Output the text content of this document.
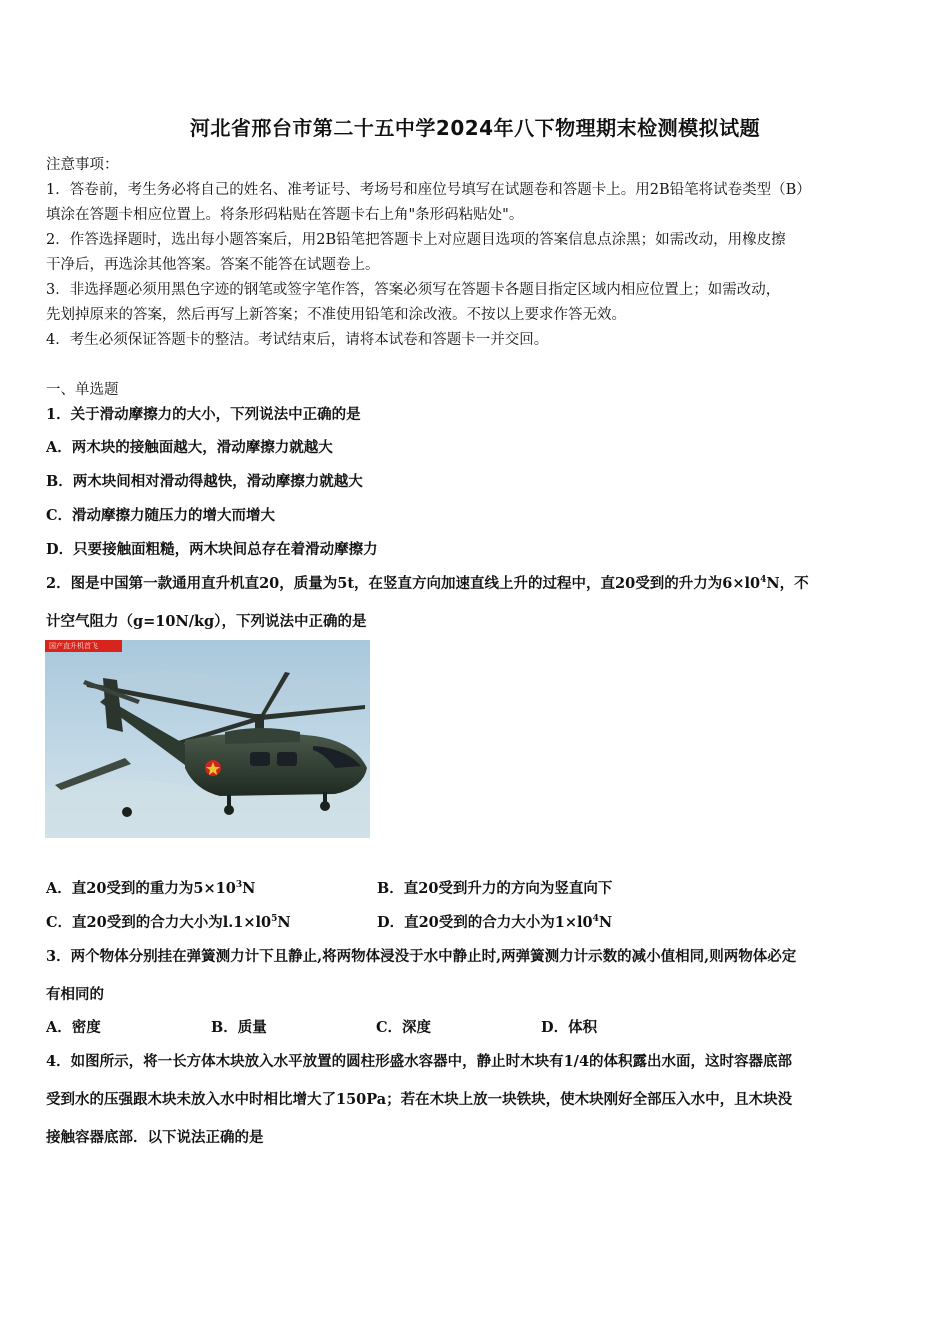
河北省邢台市第二十五中学2024年八下物理期末检测模拟试题
注意事项：
1．答卷前，考生务必将自己的姓名、准考证号、考场号和座位号填写在试题卷和答题卡上。用2B铅笔将试卷类型（B）
填涂在答题卡相应位置上。将条形码粘贴在答题卡右上角"条形码粘贴处"。
2．作答选择题时，选出每小题答案后，用2B铅笔把答题卡上对应题目选项的答案信息点涂黑；如需改动，用橡皮擦
干净后，再选涂其他答案。答案不能答在试题卷上。
3．非选择题必须用黑色字迹的钢笔或签字笔作答，答案必须写在答题卡各题目指定区域内相应位置上；如需改动，
先划掉原来的答案，然后再写上新答案；不准使用铅笔和涂改液。不按以上要求作答无效。
4．考生必须保证答题卡的整洁。考试结束后，请将本试卷和答题卡一并交回。
一、单选题
1．关于滑动摩擦力的大小，下列说法中正确的是
A．两木块的接触面越大，滑动摩擦力就越大
B．两木块间相对滑动得越快，滑动摩擦力就越大
C．滑动摩擦力随压力的增大而增大
D．只要接触面粗糙，两木块间总存在着滑动摩擦力
2．图是中国第一款通用直升机直20，质量为5t，在竖直方向加速直线上升的过程中，直20受到的升力为$6\times l0^4N$，不
计空气阻力（g=10N/kg），下列说法中正确的是
国产直升机首飞
A．直20受到的重力为$5\times 10^3N$	B．直20受到升力的方向为竖直向下
C．直20受到的合力大小为$l.1\times l0^5N$	D．直20受到的合力大小为$1\times l0^4N$
3．两个物体分别挂在弹簧测力计下且静止,将两物体浸没于水中静止时,两弹簧测力计示数的减小值相同,则两物体必定
有相同的
A．密度	B．质量	C．深度	D．体积
4．如图所示，将一长方体木块放入水平放置的圆柱形盛水容器中，静止时木块有1/4的体积露出水面，这时容器底部
受到水的压强跟木块未放入水中时相比增大了150Pa；若在木块上放一块铁块，使木块刚好全部压入水中，且木块没
接触容器底部．以下说法正确的是
